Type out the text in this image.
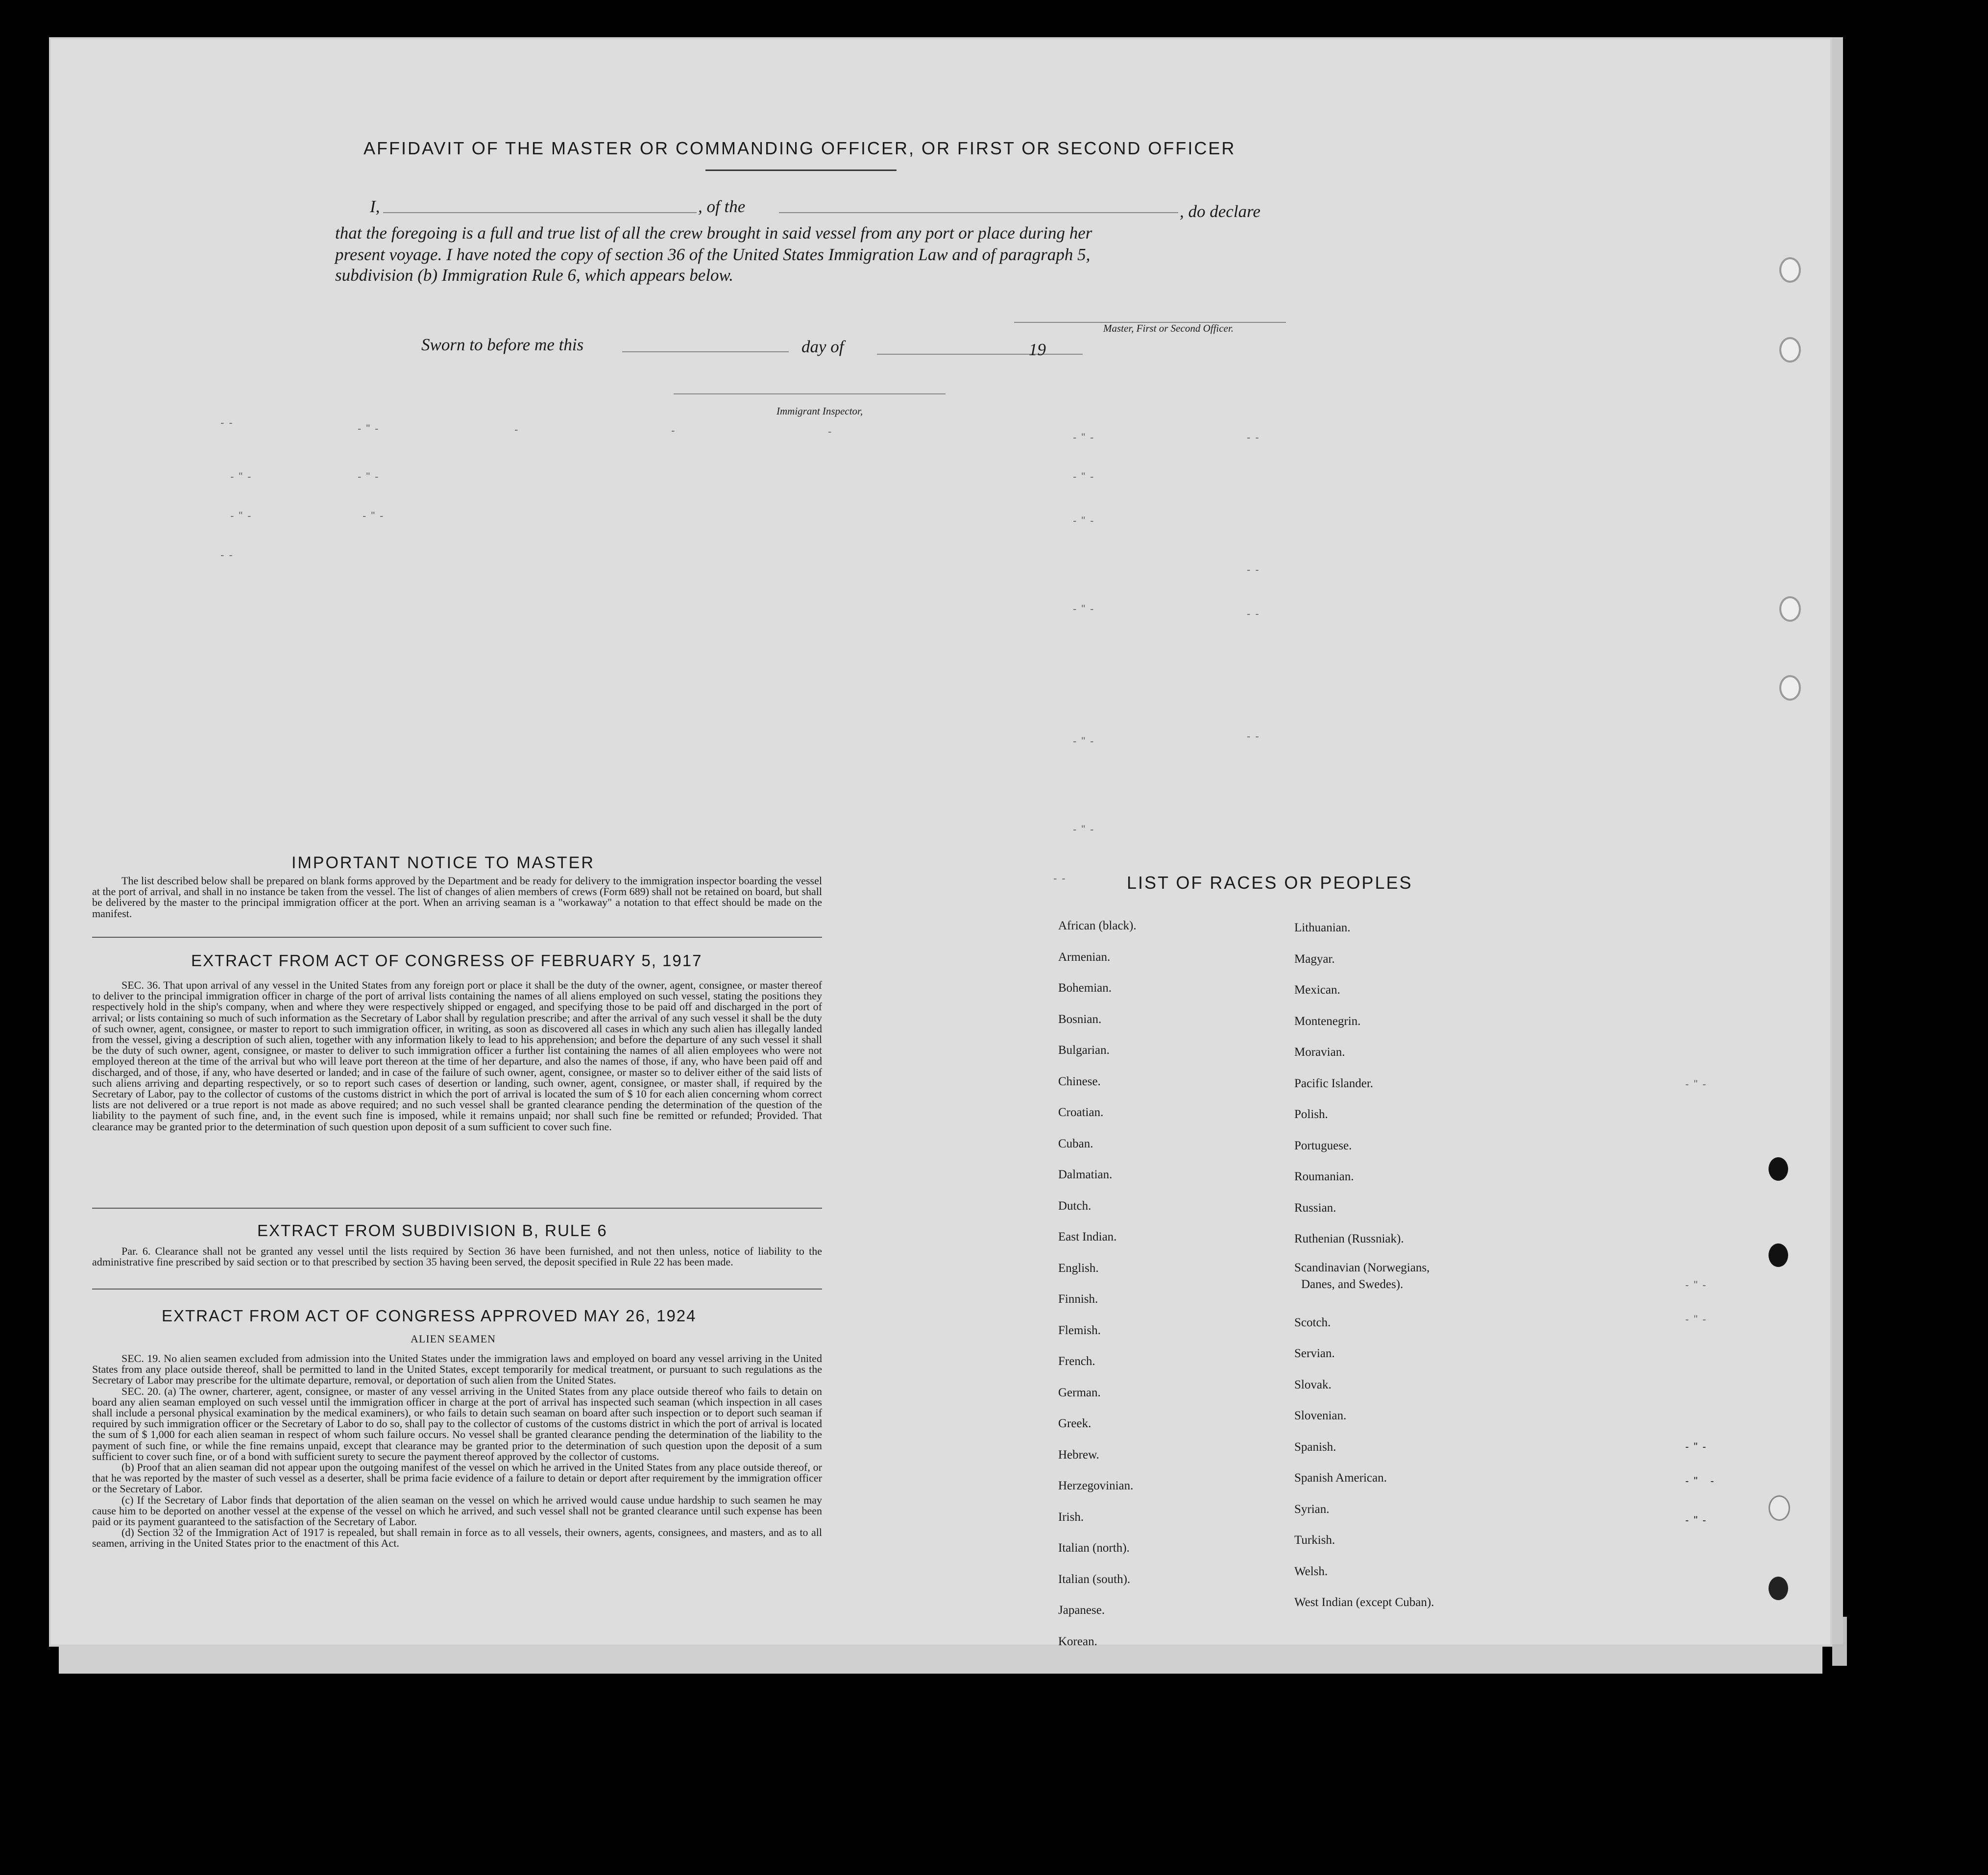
AFFIDAVIT OF THE MASTER OR COMMANDING OFFICER, OR FIRST OR SECOND OFFICER
I,	, of the	, do declare
that the foregoing is a full and true list of all the crew brought in said vessel from any port or place during her
present voyage. I have noted the copy of section 36 of the United States Immigration Law and of paragraph 5,
subdivision (b) Immigration Rule 6, which appears below.
Master, First or Second Officer.
Sworn to before me this	day of	19
Immigrant Inspector,
--	-"-	-	-	-	-"-	--
-"-	-"-	-"-
-"-	-"-	-"-
--
--
-"-	--
-"-	--
-"-
--
-"-
-"-
-"-
-"-
-" -
-"-
IMPORTANT NOTICE TO MASTER
The list described below shall be prepared on blank forms approved by the Department and be ready for delivery to the immigration inspector boarding the vessel at the port of arrival, and shall in no instance be taken from the vessel. The list of changes of alien members of crews (Form 689) shall not be retained on board, but shall be delivered by the master to the principal immigration officer at the port. When an arriving seaman is a "workaway" a notation to that effect should be made on the manifest.
EXTRACT FROM ACT OF CONGRESS OF FEBRUARY 5, 1917
SEC. 36. That upon arrival of any vessel in the United States from any foreign port or place it shall be the duty of the owner, agent, consignee, or master thereof to deliver to the principal immigration officer in charge of the port of arrival lists containing the names of all aliens employed on such vessel, stating the positions they respectively hold in the ship's company, when and where they were respectively shipped or engaged, and specifying those to be paid off and discharged in the port of arrival; or lists containing so much of such information as the Secretary of Labor shall by regulation prescribe; and after the arrival of any such vessel it shall be the duty of such owner, agent, consignee, or master to report to such immigration officer, in writing, as soon as discovered all cases in which any such alien has illegally landed from the vessel, giving a description of such alien, together with any information likely to lead to his apprehension; and before the departure of any such vessel it shall be the duty of such owner, agent, consignee, or master to deliver to such immigration officer a further list containing the names of all alien employees who were not employed thereon at the time of the arrival but who will leave port thereon at the time of her departure, and also the names of those, if any, who have been paid off and discharged, and of those, if any, who have deserted or landed; and in case of the failure of such owner, agent, consignee, or master so to deliver either of the said lists of such aliens arriving and departing respectively, or so to report such cases of desertion or landing, such owner, agent, consignee, or master shall, if required by the Secretary of Labor, pay to the collector of customs of the customs district in which the port of arrival is located the sum of $ 10 for each alien concerning whom correct lists are not delivered or a true report is not made as above required; and no such vessel shall be granted clearance pending the determination of the question of the liability to the payment of such fine, and, in the event such fine is imposed, while it remains unpaid; nor shall such fine be remitted or refunded; Provided. That clearance may be granted prior to the determination of such question upon deposit of a sum sufficient to cover such fine.
EXTRACT FROM SUBDIVISION B, RULE 6
Par. 6. Clearance shall not be granted any vessel until the lists required by Section 36 have been furnished, and not then unless, notice of liability to the administrative fine prescribed by said section or to that prescribed by section 35 having been served, the deposit specified in Rule 22 has been made.
EXTRACT FROM ACT OF CONGRESS APPROVED MAY 26, 1924
ALIEN SEAMEN

SEC. 19. No alien seamen excluded from admission into the United States under the immigration laws and employed on board any vessel arriving in the United States from any place outside thereof, shall be permitted to land in the United States, except temporarily for medical treatment, or pursuant to such regulations as the Secretary of Labor may prescribe for the ultimate departure, removal, or deportation of such alien from the United States.

SEC. 20. (a) The owner, charterer, agent, consignee, or master of any vessel arriving in the United States from any place outside thereof who fails to detain on board any alien seaman employed on such vessel until the immigration officer in charge at the port of arrival has inspected such seaman (which inspection in all cases shall include a personal physical examination by the medical examiners), or who fails to detain such seaman on board after such inspection or to deport such seaman if required by such immigration officer or the Secretary of Labor to do so, shall pay to the collector of customs of the customs district in which the port of arrival is located the sum of $ 1,000 for each alien seaman in respect of whom such failure occurs. No vessel shall be granted clearance pending the determination of the liability to the payment of such fine, or while the fine remains unpaid, except that clearance may be granted prior to the determination of such question upon the deposit of a sum sufficient to cover such fine, or of a bond with sufficient surety to secure the payment thereof approved by the collector of customs.

(b) Proof that an alien seaman did not appear upon the outgoing manifest of the vessel on which he arrived in the United States from any place outside thereof, or that he was reported by the master of such vessel as a deserter, shall be prima facie evidence of a failure to detain or deport after requirement by the immigration officer or the Secretary of Labor.

(c) If the Secretary of Labor finds that deportation of the alien seaman on the vessel on which he arrived would cause undue hardship to such seamen he may cause him to be deported on another vessel at the expense of the vessel on which he arrived, and such vessel shall not be granted clearance until such expense has been paid or its payment guaranteed to the satisfaction of the Secretary of Labor.

(d) Section 32 of the Immigration Act of 1917 is repealed, but shall remain in force as to all vessels, their owners, agents, consignees, and masters, and as to all seamen, arriving in the United States prior to the enactment of this Act.

LIST OF RACES OR PEOPLES
African (black).
Armenian.
Bohemian.
Bosnian.
Bulgarian.
Chinese.
Croatian.
Cuban.
Dalmatian.
Dutch.
East Indian.
English.
Finnish.
Flemish.
French.
German.
Greek.
Hebrew.
Herzegovinian.
Irish.
Italian (north).
Italian (south).
Japanese.
Korean.
Lithuanian.
Magyar.
Mexican.
Montenegrin.
Moravian.
Pacific Islander.
Polish.
Portuguese.
Roumanian.
Russian.
Ruthenian (Russniak).
Scandinavian (Norwegians,
Danes, and Swedes).
Scotch.
Servian.
Slovak.
Slovenian.
Spanish.
Spanish American.
Syrian.
Turkish.
Welsh.
West Indian (except Cuban).
